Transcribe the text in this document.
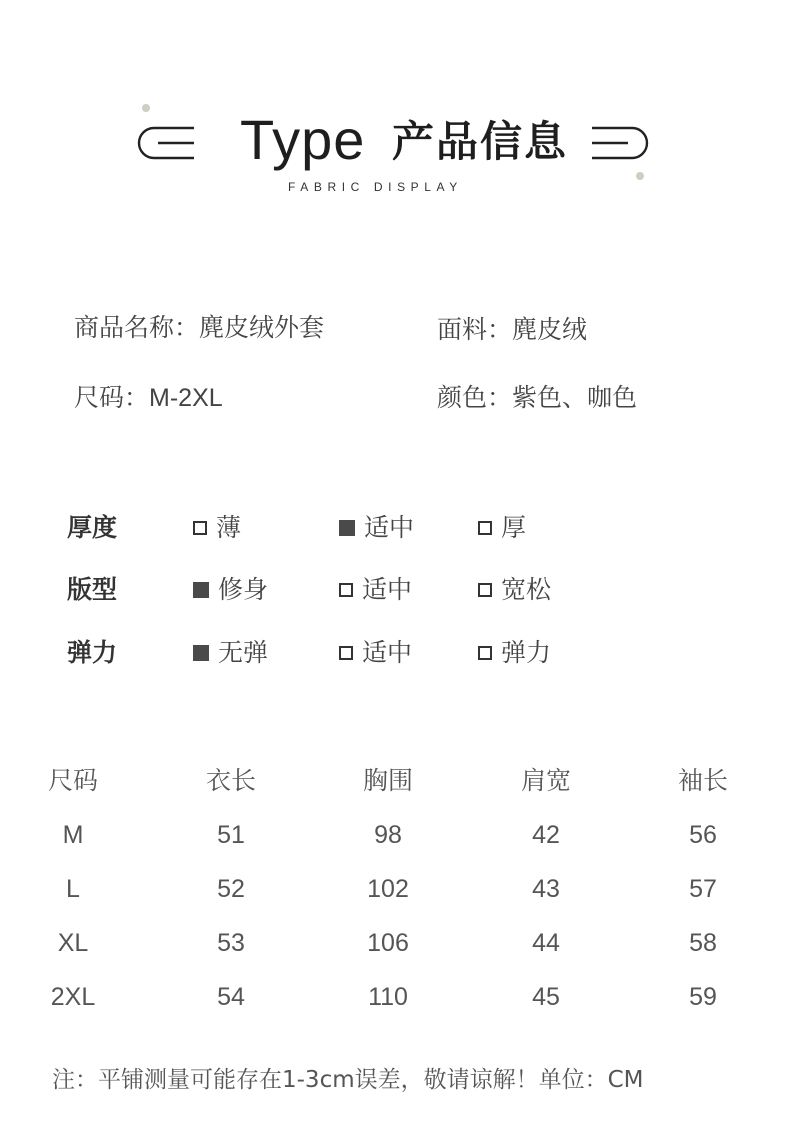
Type 产品信息
FABRIC DISPLAY
商品名称：麂皮绒外套	面料：麂皮绒
尺码：M-2XL	颜色：紫色、咖色
厚度	薄	适中	厚
版型	修身	适中	宽松
弹力	无弹	适中	弹力
尺码	衣长	胸围	肩宽	袖长
M	51	98	42	56
L	52	102	43	57
XL	53	106	44	58
2XL	54	110	45	59
注：平铺测量可能存在1-3cm误差，敬请谅解！单位：CM
